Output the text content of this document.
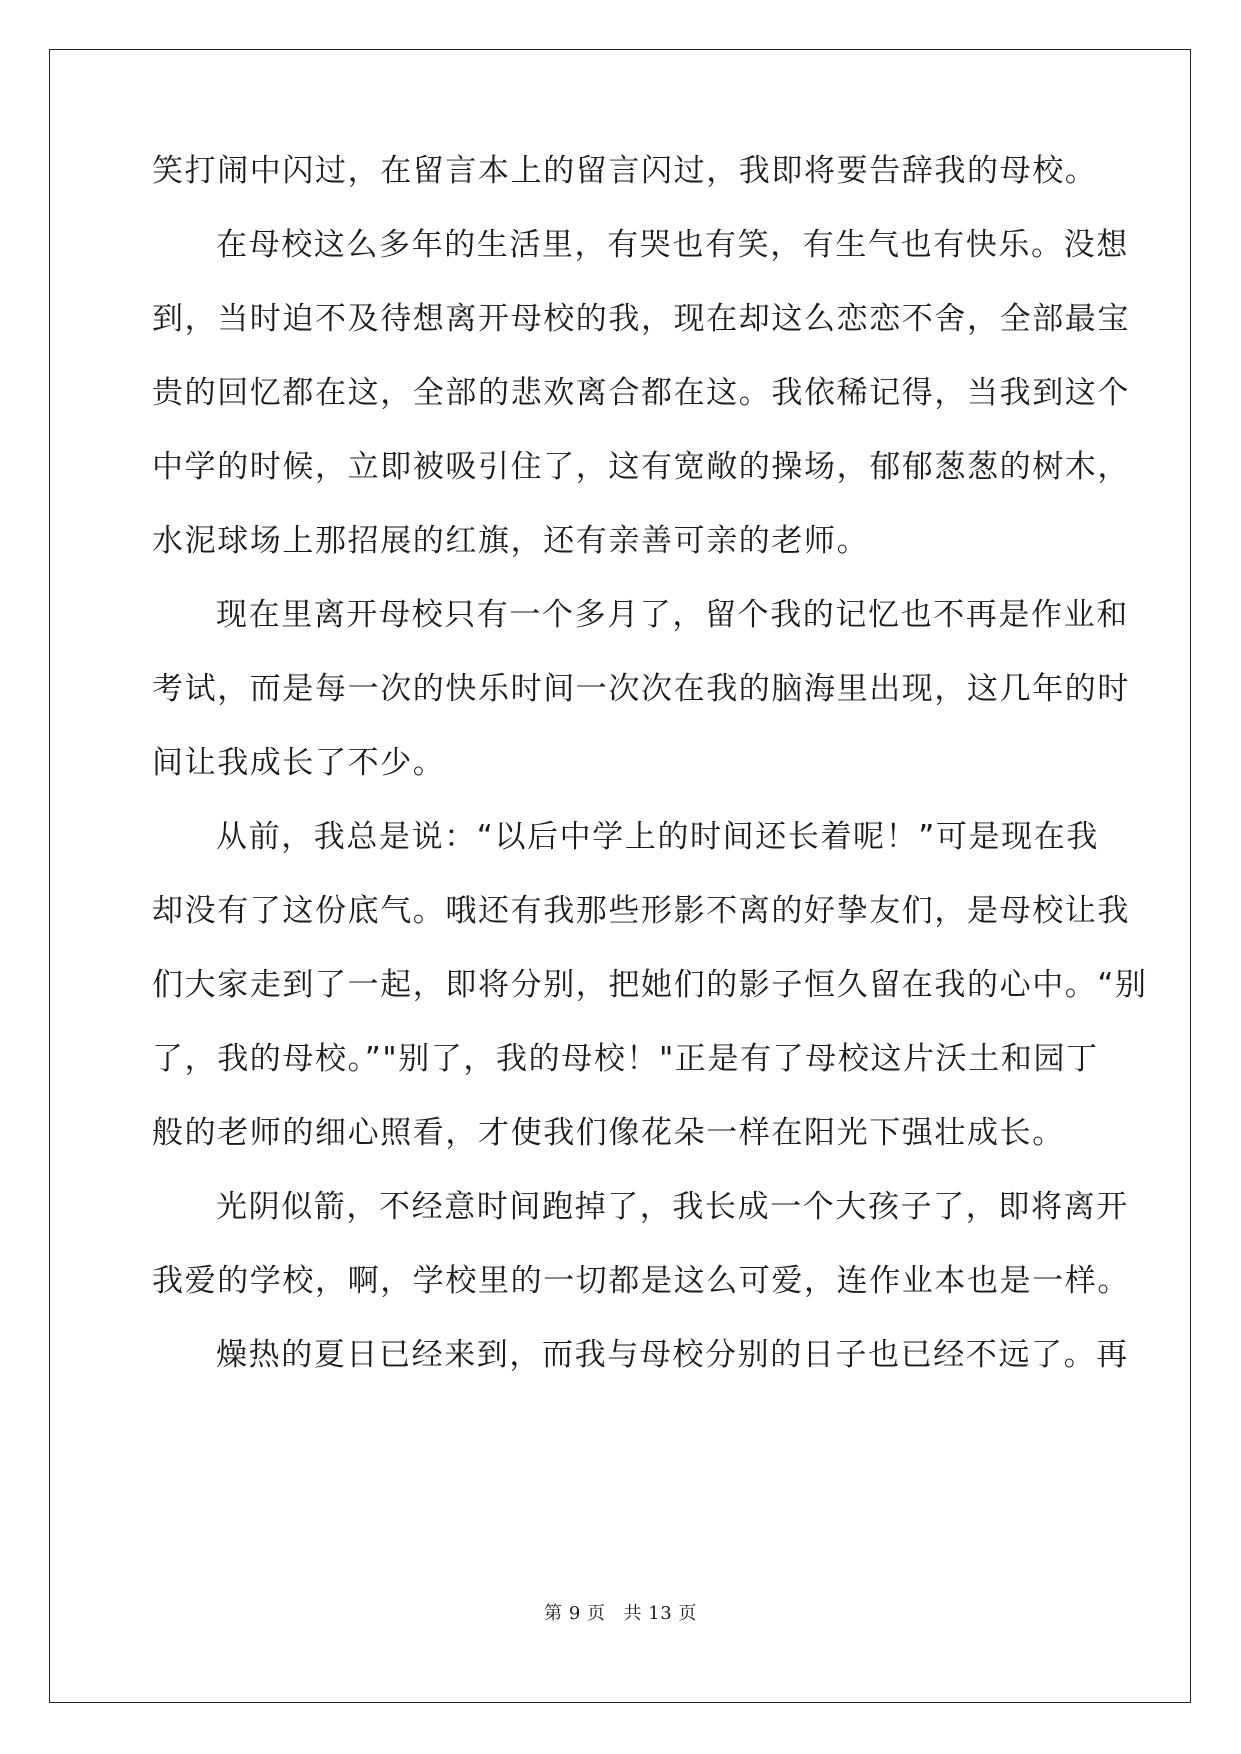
笑打闹中闪过，在留言本上的留言闪过，我即将要告辞我的母校。
在母校这么多年的生活里，有哭也有笑，有生气也有快乐。没想
到，当时迫不及待想离开母校的我，现在却这么恋恋不舍，全部最宝
贵的回忆都在这，全部的悲欢离合都在这。我依稀记得，当我到这个
中学的时候，立即被吸引住了，这有宽敞的操场，郁郁葱葱的树木，
水泥球场上那招展的红旗，还有亲善可亲的老师。
现在里离开母校只有一个多月了，留个我的记忆也不再是作业和
考试，而是每一次的快乐时间一次次在我的脑海里出现，这几年的时
间让我成长了不少。
从前，我总是说：“以后中学上的时间还长着呢！”可是现在我
却没有了这份底气。哦还有我那些形影不离的好挚友们，是母校让我
们大家走到了一起，即将分别，把她们的影子恒久留在我的心中。“别
了，我的母校。”"别了，我的母校！"正是有了母校这片沃土和园丁
般的老师的细心照看，才使我们像花朵一样在阳光下强壮成长。
光阴似箭，不经意时间跑掉了，我长成一个大孩子了，即将离开
我爱的学校，啊，学校里的一切都是这么可爱，连作业本也是一样。
燥热的夏日已经来到，而我与母校分别的日子也已经不远了。再
第 9 页 共 13 页
